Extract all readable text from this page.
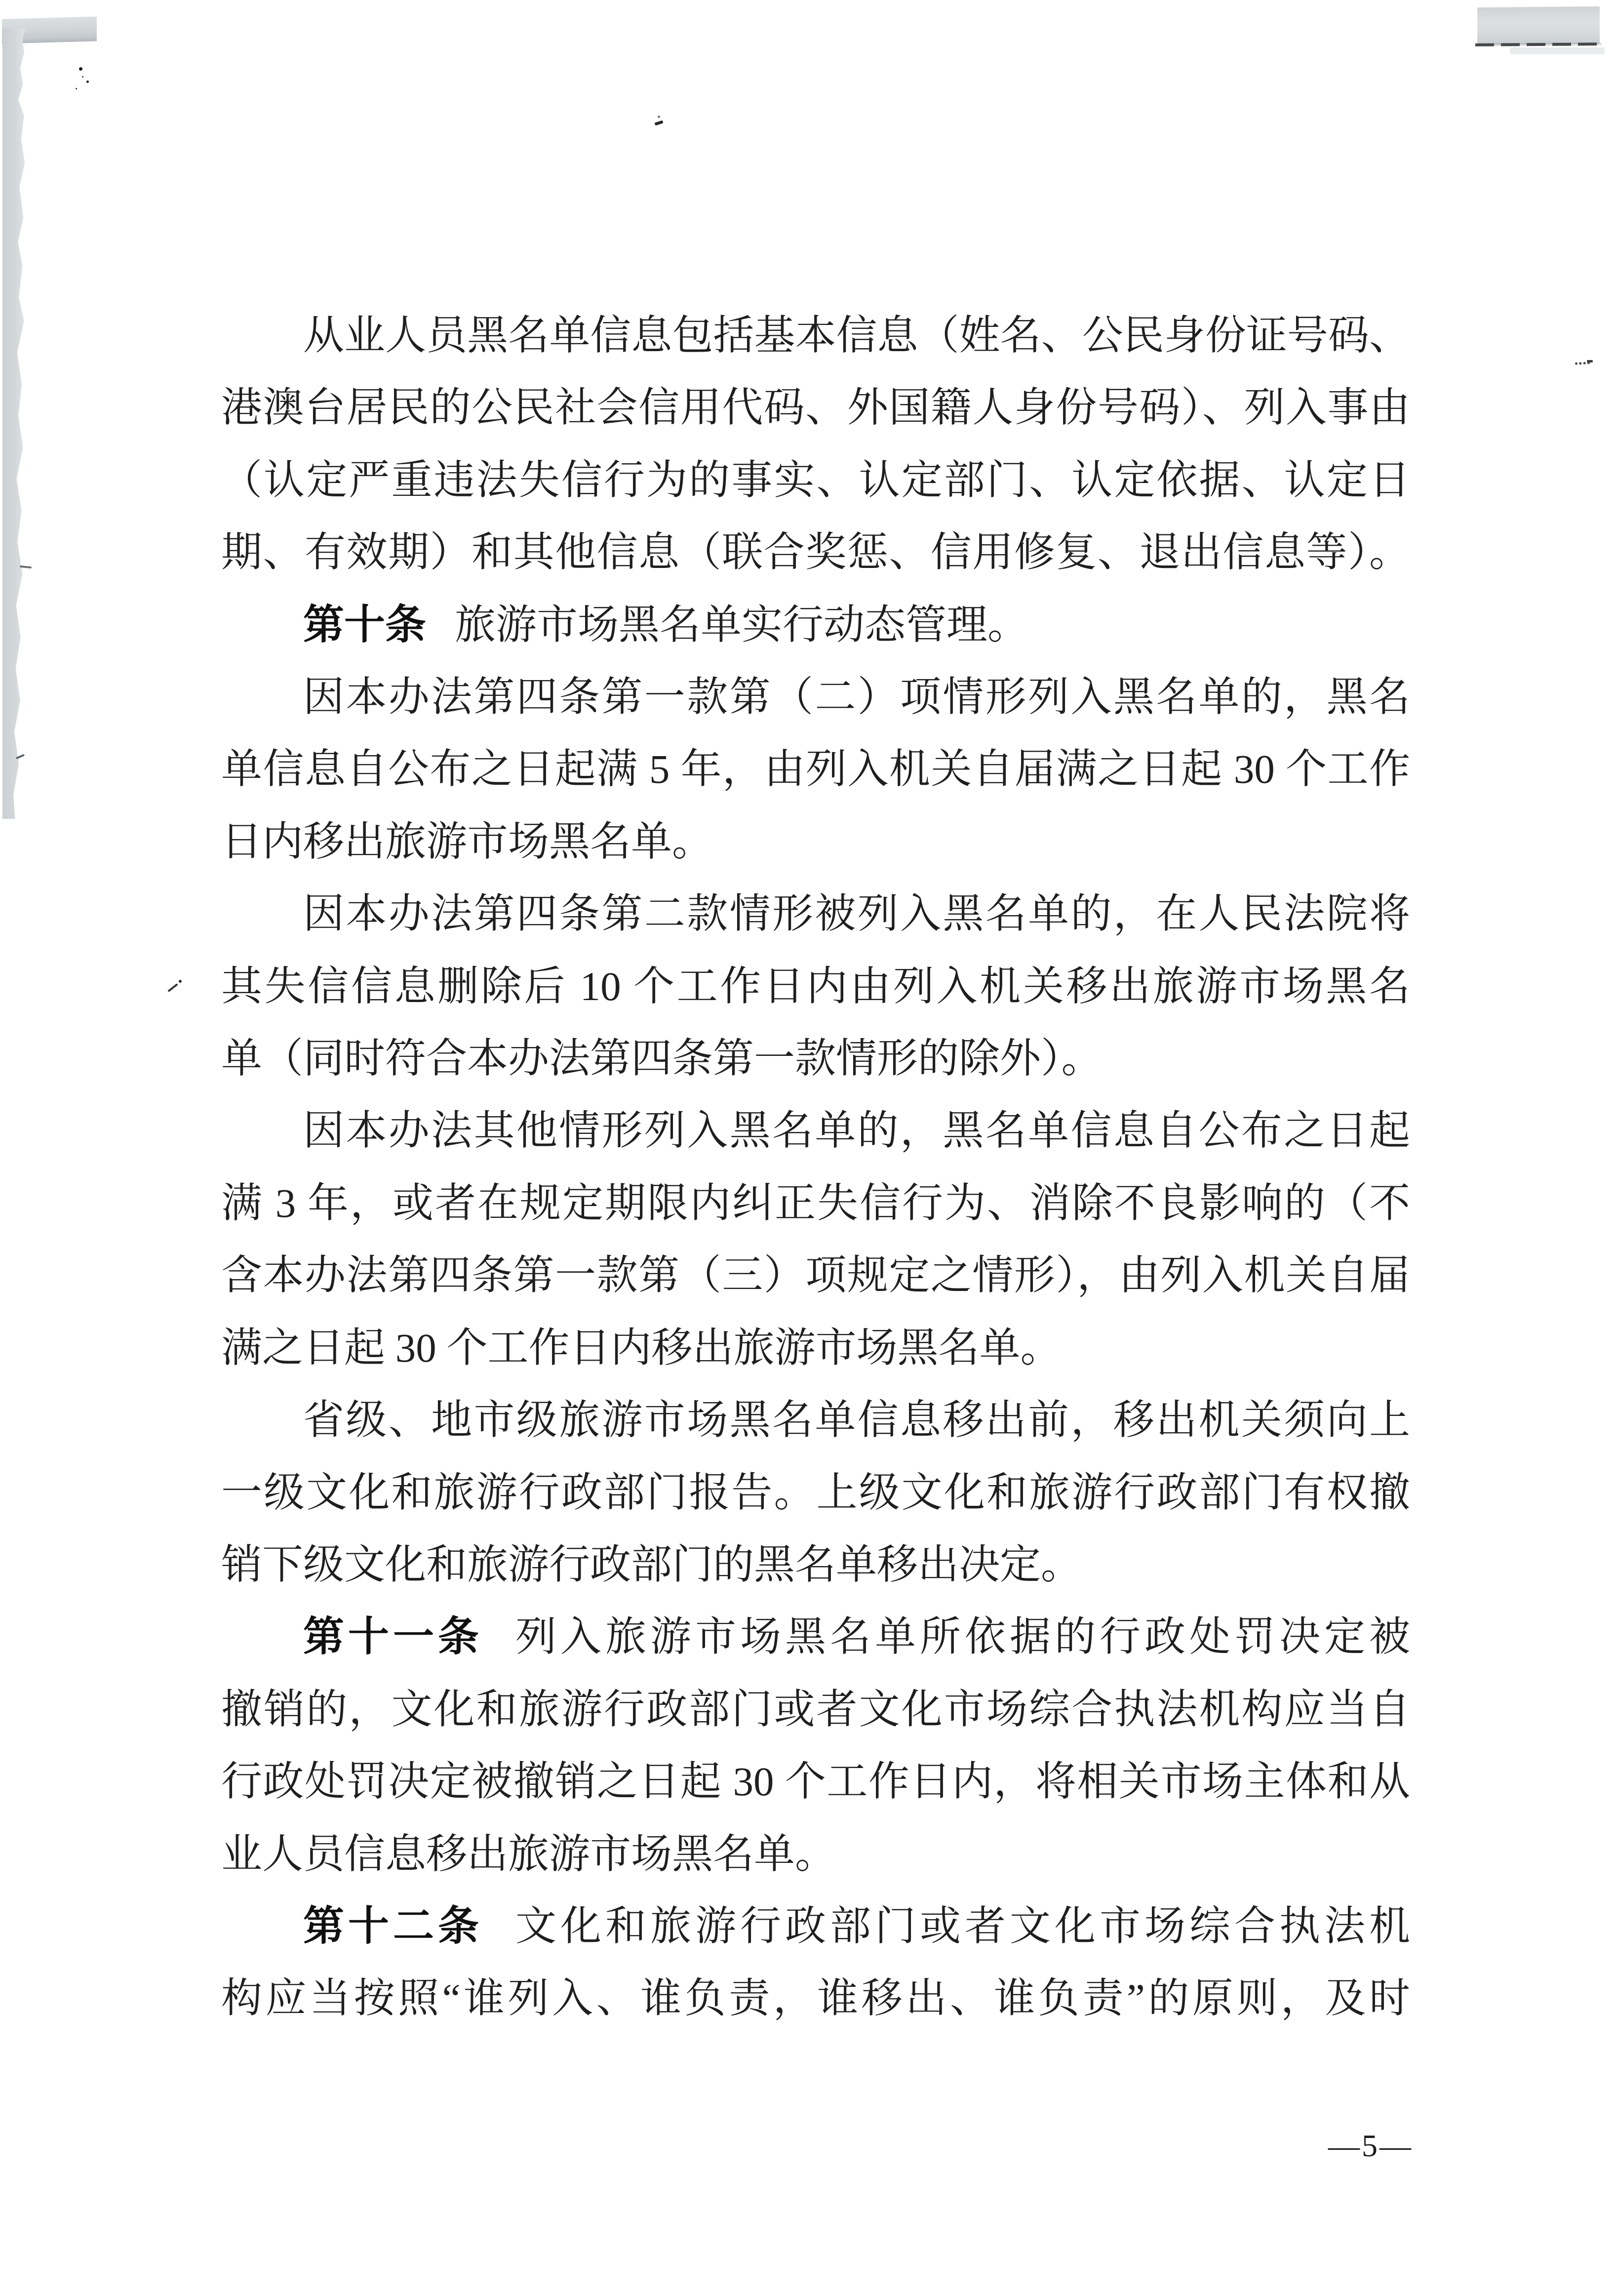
从业人员黑名单信息包括基本信息（姓名、公民身份证号码、
港澳台居民的公民社会信用代码、外国籍人身份号码）、列入事由
（认定严重违法失信行为的事实、认定部门、认定依据、认定日
期、有效期）和其他信息（联合奖惩、信用修复、退出信息等）。
第十条 旅游市场黑名单实行动态管理。
因本办法第四条第一款第（二）项情形列入黑名单的，黑名
单信息自公布之日起满 5 年，由列入机关自届满之日起 30 个工作
日内移出旅游市场黑名单。
因本办法第四条第二款情形被列入黑名单的，在人民法院将
其失信信息删除后 10 个工作日内由列入机关移出旅游市场黑名
单（同时符合本办法第四条第一款情形的除外）。
因本办法其他情形列入黑名单的，黑名单信息自公布之日起
满 3 年，或者在规定期限内纠正失信行为、消除不良影响的（不
含本办法第四条第一款第（三）项规定之情形），由列入机关自届
满之日起 30 个工作日内移出旅游市场黑名单。
省级、地市级旅游市场黑名单信息移出前，移出机关须向上
一级文化和旅游行政部门报告。上级文化和旅游行政部门有权撤
销下级文化和旅游行政部门的黑名单移出决定。
第十一条 列入旅游市场黑名单所依据的行政处罚决定被
撤销的，文化和旅游行政部门或者文化市场综合执法机构应当自
行政处罚决定被撤销之日起 30 个工作日内，将相关市场主体和从
业人员信息移出旅游市场黑名单。
第十二条 文化和旅游行政部门或者文化市场综合执法机
构应当按照“谁列入、谁负责，谁移出、谁负责”的原则，及时
—5—
